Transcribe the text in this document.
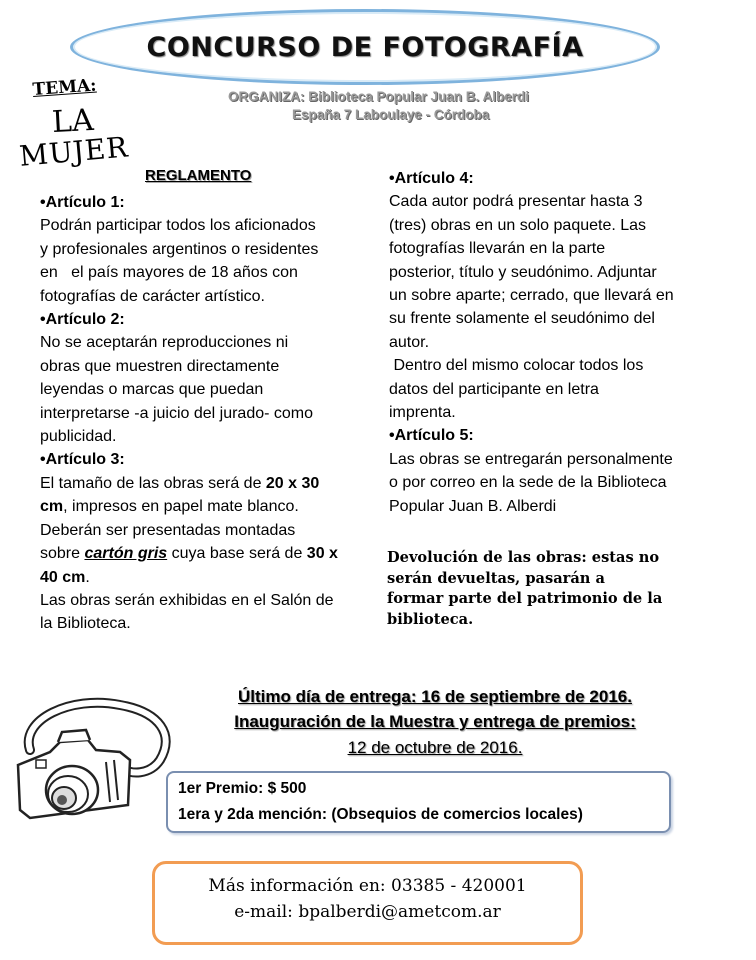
CONCURSO DE FOTOGRAFÍA
TEMA:
LA
MUJER
ORGANIZA: Biblioteca Popular Juan B. Alberdi
España 7 Laboulaye - Córdoba
REGLAMENTO

•Artículo 1:

Podrán participar todos los aficionados

y profesionales argentinos o residentes

en   el país mayores de 18 años con

fotografías de carácter artístico.

•Artículo 2:

No se aceptarán reproducciones ni

obras que muestren directamente

leyendas o marcas que puedan

interpretarse -a juicio del jurado- como

publicidad.

•Artículo 3:

El tamaño de las obras será de 20 x 30

cm, impresos en papel mate blanco.

Deberán ser presentadas montadas

sobre cartón gris cuya base será de 30 x

40 cm.

Las obras serán exhibidas en el Salón de

la Biblioteca.

•Artículo 4:

Cada autor podrá presentar hasta 3

(tres) obras en un solo paquete. Las

fotografías llevarán en la parte

posterior, título y seudónimo. Adjuntar

un sobre aparte; cerrado, que llevará en

su frente solamente el seudónimo del

autor.

Dentro del mismo colocar todos los

datos del participante en letra

imprenta.

•Artículo 5:

Las obras se entregarán personalmente

o por correo en la sede de la Biblioteca

Popular Juan B. Alberdi

Devolución de las obras: estas no
serán devueltas, pasarán a
formar parte del patrimonio de la
biblioteca.
Último día de entrega: 16 de septiembre de 2016.
Inauguración de la Muestra y entrega de premios:
12 de octubre de 2016.
1er Premio: $ 500
1era y 2da mención: (Obsequios de comercios locales)
Más información en: 03385 - 420001
e-mail: bpalberdi@ametcom.ar
